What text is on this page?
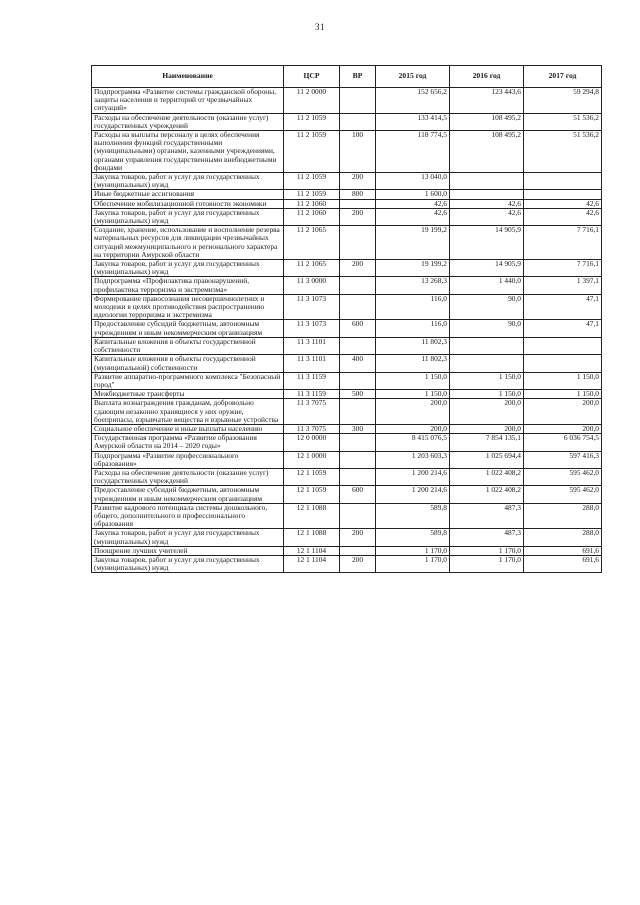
31
Наименование	ЦСР	ВР	2015 год	2016 год	2017 год
Подпрограмма «Развитие системы гражданской обороны, защиты населения и территорий от чрезвычайных ситуаций»	11 2 0000		152 656,2	123 443,6	59 294,8
Расходы на обеспечение деятельности (оказание услуг) государственных учреждений	11 2 1059		133 414,5	108 495,2	51 536,2
Расходы на выплаты персоналу в целях обеспечения выполнения функций государственными (муниципальными) органами, казенными учреждениями, органами управления государственными внебюджетными фондами	11 2 1059	100	118 774,5	108 495,2	51 536,2
Закупка товаров, работ и услуг для государственных (муниципальных) нужд	11 2 1059	200	13 040,0		
Иные бюджетные ассигнования	11 2 1059	800	1 600,0		
Обеспечение мобилизационной готовности экономики	11 2 1060		42,6	42,6	42,6
Закупка товаров, работ и услуг для государственных (муниципальных) нужд	11 2 1060	200	42,6	42,6	42,6
Создание, хранение, использование и восполнение резерва материальных ресурсов для ликвидации чрезвычайных ситуаций межмуниципального и регионального характера на территории Амурской области	11 2 1065		19 199,2	14 905,9	7 716,1
Закупка товаров, работ и услуг для государственных (муниципальных) нужд	11 2 1065	200	19 199,2	14 905,9	7 716,1
Подпрограмма «Профилактика правонарушений, профилактика терроризма и экстремизма»	11 3 0000		13 268,3	1 440,0	1 397,1
Формирование правосознания несовершеннолетних и молодежи в целях противодействия распространению идеологии терроризма и экстремизма	11 3 1073		116,0	90,0	47,1
Предоставление субсидий бюджетным, автономным учреждениям и иным некоммерческим организациям	11 3 1073	600	116,0	90,0	47,1
Капитальные вложения в объекты государственной собственности	11 3 1101		11 802,3		
Капитальные вложения в объекты государственной (муниципальной) собственности	11 3 1101	400	11 802,3		
Развитие аппаратно-программного комплекса "Безопасный город"	11 3 1159		1 150,0	1 150,0	1 150,0
Межбюджетные трансферты	11 3 1159	500	1 150,0	1 150,0	1 150,0
Выплата вознаграждения гражданам, добровольно сдающим незаконно хранящиеся у них оружие, боеприпасы, взрывчатые вещества и взрывные устройства	11 3 7075		200,0	200,0	200,0
Социальное обеспечение и иные выплаты населению	11 3 7075	300	200,0	200,0	200,0
Государственная программа «Развитие образования Амурской области на 2014 – 2020 годы»	12 0 0000		8 415 076,5	7 854 135,1	6 036 754,5
Подпрограмма «Развитие профессионального образования»	12 1 0000		1 203 603,3	1 025 694,4	597 416,3
Расходы на обеспечение деятельности (оказание услуг) государственных учреждений	12 1 1059		1 200 214,6	1 022 408,2	595 462,0
Предоставление субсидий бюджетным, автономным учреждениям и иным некоммерческим организациям	12 1 1059	600	1 200 214,6	1 022 408,2	595 462,0
Развитие кадрового потенциала системы дошкольного, общего, дополнительного и профессионального образования	12 1 1088		589,8	487,3	288,0
Закупка товаров, работ и услуг для государственных (муниципальных) нужд	12 1 1088	200	589,8	487,3	288,0
Поощрение лучших учителей	12 1 1104		1 170,0	1 170,0	691,6
Закупка товаров, работ и услуг для государственных (муниципальных) нужд	12 1 1104	200	1 170,0	1 170,0	691,6
